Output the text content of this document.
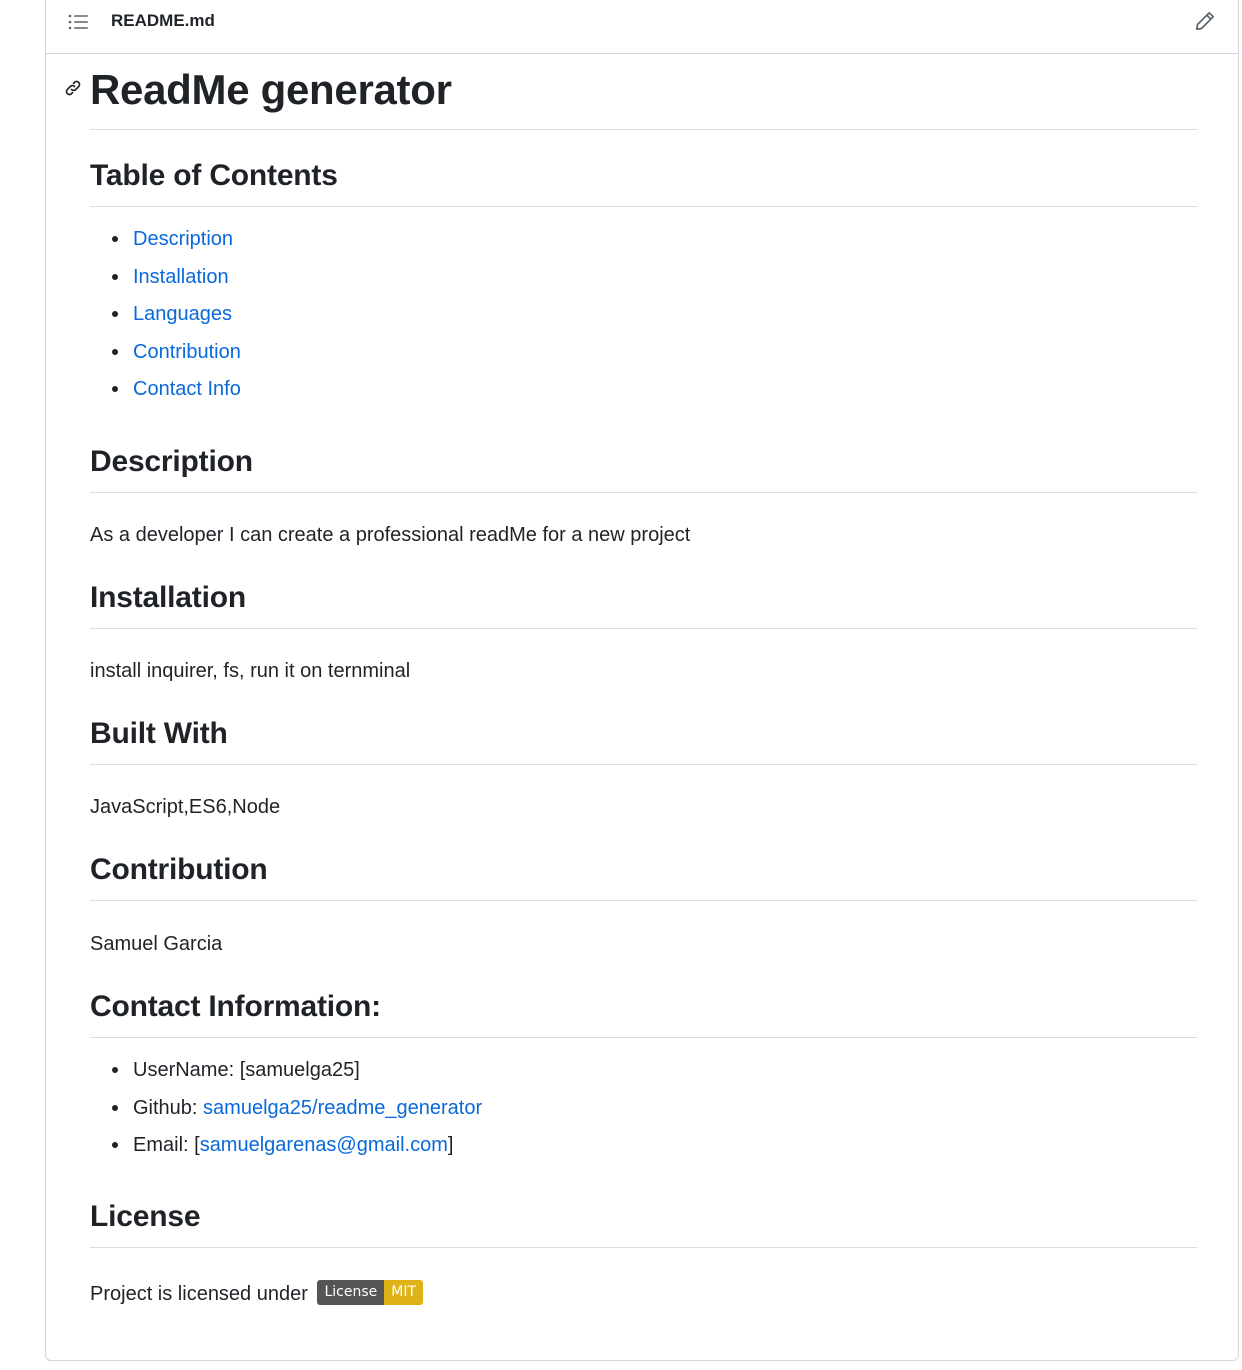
README.md
ReadMe generator
Table of Contents
Description
Installation
Languages
Contribution
Contact Info
Description
As a developer I can create a professional readMe for a new project
Installation
install inquirer, fs, run it on ternminal
Built With
JavaScript,ES6,Node
Contribution
Samuel Garcia
Contact Information:
UserName: [samuelga25]
Github: samuelga25/readme_generator
Email: [samuelgarenas@gmail.com]
License
Project is licensed under	License	MIT
